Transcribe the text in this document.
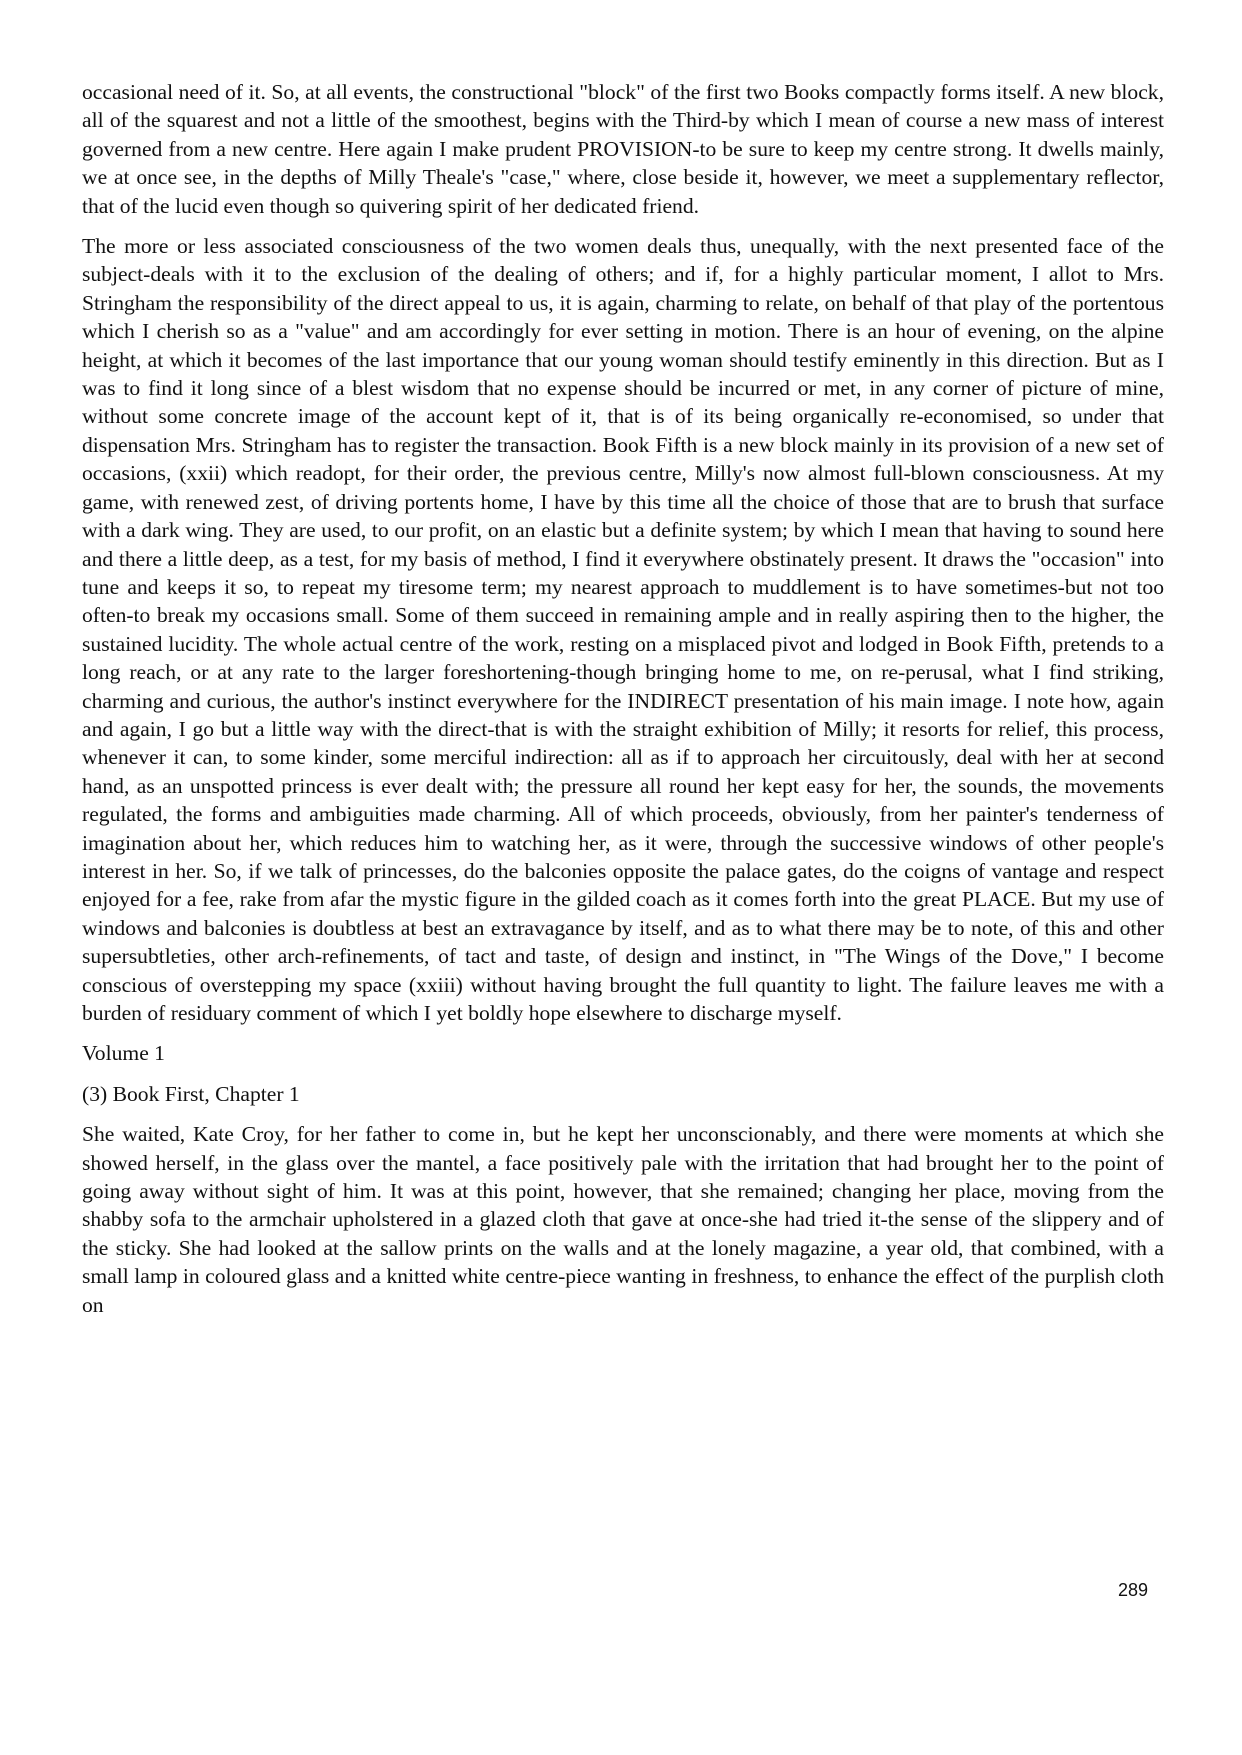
occasional need of it. So, at all events, the constructional "block" of the first two Books compactly forms itself. A new block, all of the squarest and not a little of the smoothest, begins with the Third-by which I mean of course a new mass of interest governed from a new centre. Here again I make prudent PROVISION-to be sure to keep my centre strong. It dwells mainly, we at once see, in the depths of Milly Theale's "case," where, close beside it, however, we meet a supplementary reflector, that of the lucid even though so quivering spirit of her dedicated friend.

The more or less associated consciousness of the two women deals thus, unequally, with the next presented face of the subject-deals with it to the exclusion of the dealing of others; and if, for a highly particular moment, I allot to Mrs. Stringham the responsibility of the direct appeal to us, it is again, charming to relate, on behalf of that play of the portentous which I cherish so as a "value" and am accordingly for ever setting in motion. There is an hour of evening, on the alpine height, at which it becomes of the last importance that our young woman should testify eminently in this direction. But as I was to find it long since of a blest wisdom that no expense should be incurred or met, in any corner of picture of mine, without some concrete image of the account kept of it, that is of its being organically re-economised, so under that dispensation Mrs. Stringham has to register the transaction. Book Fifth is a new block mainly in its provision of a new set of occasions, (xxii) which readopt, for their order, the previous centre, Milly's now almost full-blown consciousness. At my game, with renewed zest, of driving portents home, I have by this time all the choice of those that are to brush that surface with a dark wing. They are used, to our profit, on an elastic but a definite system; by which I mean that having to sound here and there a little deep, as a test, for my basis of method, I find it everywhere obstinately present. It draws the "occasion" into tune and keeps it so, to repeat my tiresome term; my nearest approach to muddlement is to have sometimes-but not too often-to break my occasions small. Some of them succeed in remaining ample and in really aspiring then to the higher, the sustained lucidity. The whole actual centre of the work, resting on a misplaced pivot and lodged in Book Fifth, pretends to a long reach, or at any rate to the larger foreshortening-though bringing home to me, on re-perusal, what I find striking, charming and curious, the author's instinct everywhere for the INDIRECT presentation of his main image. I note how, again and again, I go but a little way with the direct-that is with the straight exhibition of Milly; it resorts for relief, this process, whenever it can, to some kinder, some merciful indirection: all as if to approach her circuitously, deal with her at second hand, as an unspotted princess is ever dealt with; the pressure all round her kept easy for her, the sounds, the movements regulated, the forms and ambiguities made charming. All of which proceeds, obviously, from her painter's tenderness of imagination about her, which reduces him to watching her, as it were, through the successive windows of other people's interest in her. So, if we talk of princesses, do the balconies opposite the palace gates, do the coigns of vantage and respect enjoyed for a fee, rake from afar the mystic figure in the gilded coach as it comes forth into the great PLACE. But my use of windows and balconies is doubtless at best an extravagance by itself, and as to what there may be to note, of this and other supersubtleties, other arch-refinements, of tact and taste, of design and instinct, in "The Wings of the Dove," I become conscious of overstepping my space (xxiii) without having brought the full quantity to light. The failure leaves me with a burden of residuary comment of which I yet boldly hope elsewhere to discharge myself.

Volume 1

(3) Book First, Chapter 1

She waited, Kate Croy, for her father to come in, but he kept her unconscionably, and there were moments at which she showed herself, in the glass over the mantel, a face positively pale with the irritation that had brought her to the point of going away without sight of him. It was at this point, however, that she remained; changing her place, moving from the shabby sofa to the armchair upholstered in a glazed cloth that gave at once-she had tried it-the sense of the slippery and of the sticky. She had looked at the sallow prints on the walls and at the lonely magazine, a year old, that combined, with a small lamp in coloured glass and a knitted white centre-piece wanting in freshness, to enhance the effect of the purplish cloth on

289
